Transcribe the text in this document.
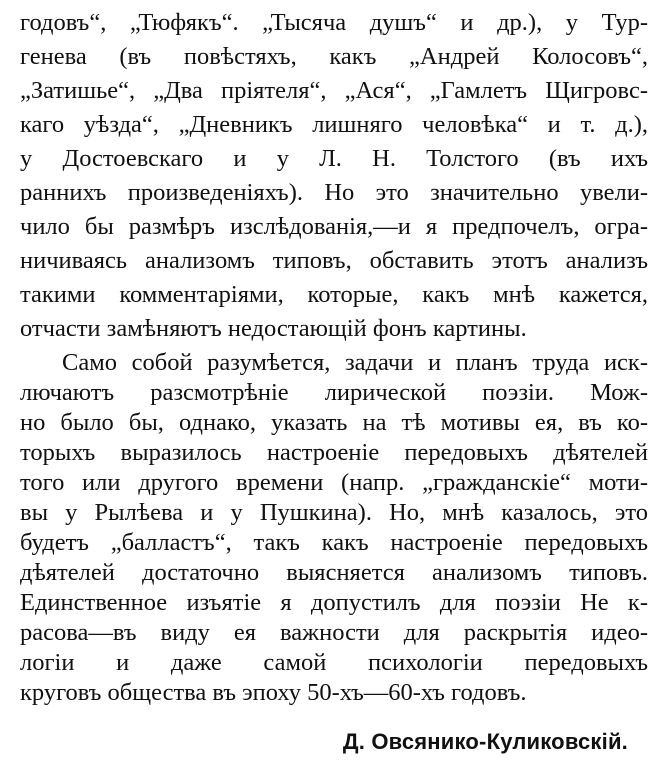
годовъ“, „Тюфякъ“. „Тысяча душъ“ и др.), у Тур-
генева (въ повѣстяхъ, какъ „Андрей Колосовъ“,
„Затишье“, „Два пріятеля“, „Ася“, „Гамлетъ Щигровс-
каго уѣзда“, „Дневникъ лишняго человѣка“ и т. д.),
у Достоевскаго и у Л. Н. Толстого (въ ихъ
раннихъ произведеніяхъ). Но это значительно увели-
чило бы размѣръ изслѣдованія,—и я предпочелъ, огра-
ничиваясь анализомъ типовъ, обставить этотъ анализъ
такими комментаріями, которые, какъ мнѣ кажется,
отчасти замѣняютъ недостающій фонъ картины.
Само собой разумѣется, задачи и планъ труда иск-
лючаютъ разсмотрѣніе лирической поэзіи. Мож-
но было бы, однако, указать на тѣ мотивы ея, въ ко-
торыхъ выразилось настроеніе передовыхъ дѣятелей
того или другого времени (напр. „гражданскіе“ моти-
вы у Рылѣева и у Пушкина). Но, мнѣ казалось, это
будетъ „балластъ“, такъ какъ настроеніе передовыхъ
дѣятелей достаточно выясняется анализомъ типовъ.
Единственное изъятіе я допустилъ для поэзіи Не к-
расова—въ виду ея важности для раскрытія идео-
логіи и даже самой психологіи передовыхъ
круговъ общества въ эпоху 50-хъ—60-хъ годовъ.
Д. Овсянико-Куликовскій.
